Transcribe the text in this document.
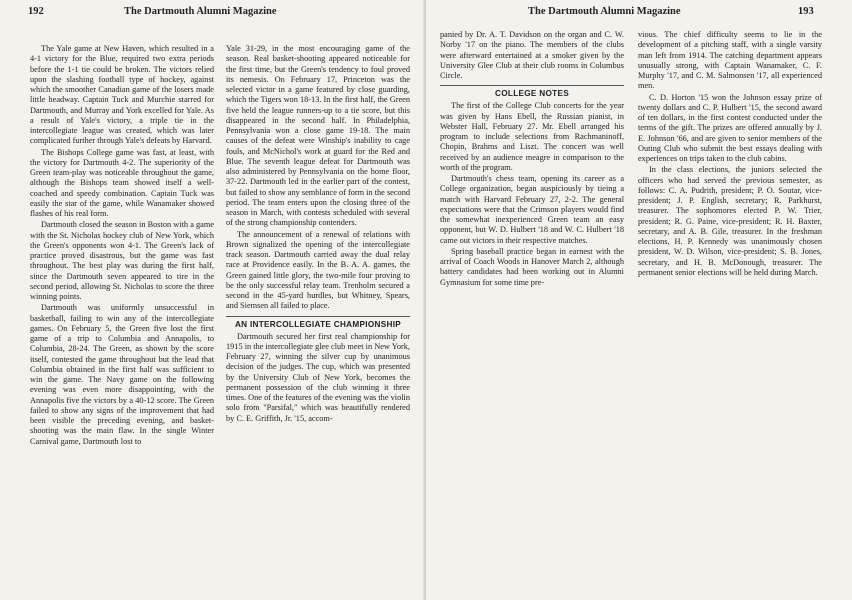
192	The Dartmouth Alumni Magazine

The Yale game at New Haven, which resulted in a 4-1 victory for the Blue, required two extra periods before the 1-1 tie could be broken. The victors relied upon the slashing football type of hockey, against which the smoother Canadian game of the losers made little headway. Captain Tuck and Murchie starred for Dartmouth, and Murray and York excelled for Yale. As a result of Yale's victory, a triple tie in the intercollegiate league was created, which was later complicated further through Yale's defeats by Harvard.

The Bishops College game was fast, at least, with the victory for Dartmouth 4-2. The superiority of the Green team-play was noticeable throughout the game, although the Bishops team showed itself a well-coached and speedy combination. Captain Tuck was easily the star of the game, while Wanamaker showed flashes of his real form.

Dartmouth closed the season in Boston with a game with the St. Nicholas hockey club of New York, which the Green's opponents won 4-1. The Green's lack of practice proved disastrous, but the game was fast throughout. The best play was during the first half, since the Dartmouth seven appeared to tire in the second period, allowing St. Nicholas to score the three winning points.

Dartmouth was uniformly unsuccessful in basketball, failing to win any of the intercollegiate games. On February 5, the Green five lost the first game of a trip to Columbia and Annapolis, to Columbia, 28-24. The Green, as shown by the score itself, contested the game throughout but the lead that Columbia obtained in the first half was sufficient to win the game. The Navy game on the following evening was even more disappointing, with the Annapolis five the victors by a 40-12 score. The Green failed to show any signs of the improvement that had been visible the preceding evening, and basket-shooting was the main flaw. In the single Winter Carnival game, Dartmouth lost to

Yale 31-29, in the most encouraging game of the season. Real basket-shooting appeared noticeable for the first time, but the Green's tendency to foul proved its nemesis. On February 17, Princeton was the selected victor in a game featured by close guarding, which the Tigers won 18-13. In the first half, the Green five held the league runners-up to a tie score, but this disappeared in the second half. In Philadelphia, Pennsylvania won a close game 19-18. The main causes of the defeat were Winship's inability to cage fouls, and McNichol's work at guard for the Red and Blue. The seventh league defeat for Dartmouth was also administered by Pennsylvania on the home floor, 37-22. Dartmouth led in the earlier part of the contest, but failed to show any semblance of form in the second period. The team enters upon the closing three of the season in March, with contests scheduled with several of the strong championship contenders.

The announcement of a renewal of relations with Brown signalized the opening of the intercollegiate track season. Dartmouth carried away the dual relay race at Providence easily. In the B. A. A. games, the Green gained little glory, the two-mile four proving to be the only successful relay team. Trenholm secured a second in the 45-yard hurdles, but Whitney, Spears, and Siemsen all failed to place.

AN INTERCOLLEGIATE CHAMPIONSHIP

Dartmouth secured her first real championship for 1915 in the intercollegiate glee club meet in New York, February 27, winning the silver cup by unanimous decision of the judges. The cup, which was presented by the University Club of New York, becomes the permanent possession of the club winning it three times. One of the features of the evening was the violin solo from "Parsifal," which was beautifully rendered by C. E. Griffith, Jr. '15, accom-

The Dartmouth Alumni Magazine	193

panied by Dr. A. T. Davidson on the organ and C. W. Norby '17 on the piano. The members of the clubs were afterward entertained at a smoker given by the University Glee Club at their club rooms in Columbus Circle.

COLLEGE NOTES

The first of the College Club concerts for the year was given by Hans Ebell, the Russian pianist, in Webster Hall, February 27. Mr. Ebell arranged his program to include selections from Rachmaninoff, Chopin, Brahms and Liszt. The concert was well received by an audience meagre in comparison to the worth of the program.

Dartmouth's chess team, opening its career as a College organization, began auspiciously by tieing a match with Harvard February 27, 2-2. The general expectations were that the Crimson players would find the somewhat inexperienced Green team an easy opponent, but W. D. Hulbert '18 and W. C. Hulbert '18 came out victors in their respective matches.

Spring baseball practice began in earnest with the arrival of Coach Woods in Hanover March 2, although battery candidates had been working out in Alumni Gymnasium for some time pre-

vious. The chief difficulty seems to lie in the development of a pitching staff, with a single varsity man left from 1914. The catching department appears unusually strong, with Captain Wanamaker, C. F. Murphy '17, and C. M. Salmonsen '17, all experienced men.

C. D. Horton '15 won the Johnson essay prize of twenty dollars and C. P. Hulbert '15, the second award of ten dollars, in the first contest conducted under the terms of the gift. The prizes are offered annually by J. E. Johnson '66, and are given to senior members of the Outing Club who submit the best essays dealing with experiences on trips taken to the club cabins.

In the class elections, the juniors selected the officers who had served the previous semester, as follows: C. A. Pudrith, president; P. O. Soutar, vice-president; J. P. English, secretary; R. Parkhurst, treasurer. The sophomores elected P. W. Trier, president; R. G. Paine, vice-president; R. H. Baxter, secretary, and A. B. Gile, treasurer. In the freshman elections, H. P. Kennedy was unanimously chosen president, W. D. Wilson, vice-president; S. B. Jones, secretary, and H. B. McDonough, treasurer. The permanent senior elections will be held during March.
